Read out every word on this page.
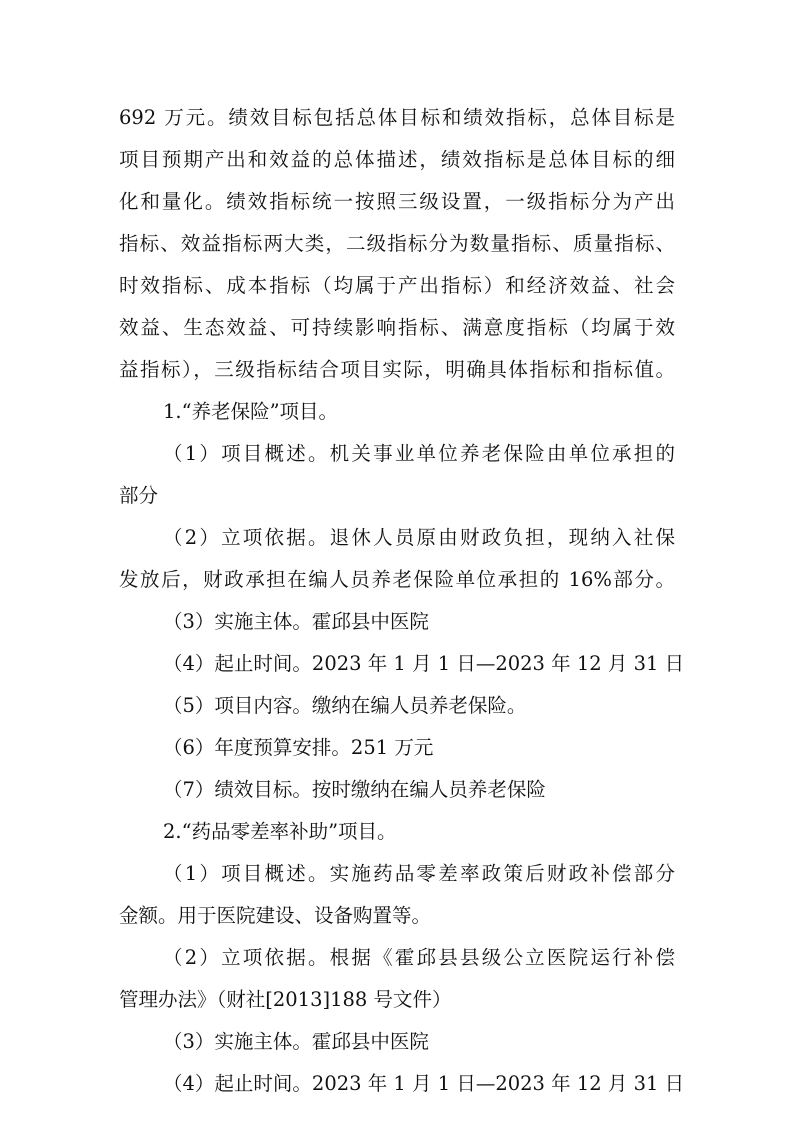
692 万元。绩效目标包括总体目标和绩效指标，总体目标是
项目预期产出和效益的总体描述，绩效指标是总体目标的细
化和量化。绩效指标统一按照三级设置，一级指标分为产出
指标、效益指标两大类，二级指标分为数量指标、质量指标、
时效指标、成本指标（均属于产出指标）和经济效益、社会
效益、生态效益、可持续影响指标、满意度指标（均属于效
益指标），三级指标结合项目实际，明确具体指标和指标值。
1.“养老保险”项目。
（1）项目概述。机关事业单位养老保险由单位承担的
部分
（2）立项依据。退休人员原由财政负担，现纳入社保
发放后，财政承担在编人员养老保险单位承担的 16%部分。
（3）实施主体。霍邱县中医院
（4）起止时间。2023 年 1 月 1 日—2023 年 12 月 31 日
（5）项目内容。缴纳在编人员养老保险。
（6）年度预算安排。251 万元
（7）绩效目标。按时缴纳在编人员养老保险
2.“药品零差率补助”项目。
（1）项目概述。实施药品零差率政策后财政补偿部分
金额。用于医院建设、设备购置等。
（2）立项依据。根据《霍邱县县级公立医院运行补偿
管理办法》（财社[2013]188 号文件）
（3）实施主体。霍邱县中医院
（4）起止时间。2023 年 1 月 1 日—2023 年 12 月 31 日
